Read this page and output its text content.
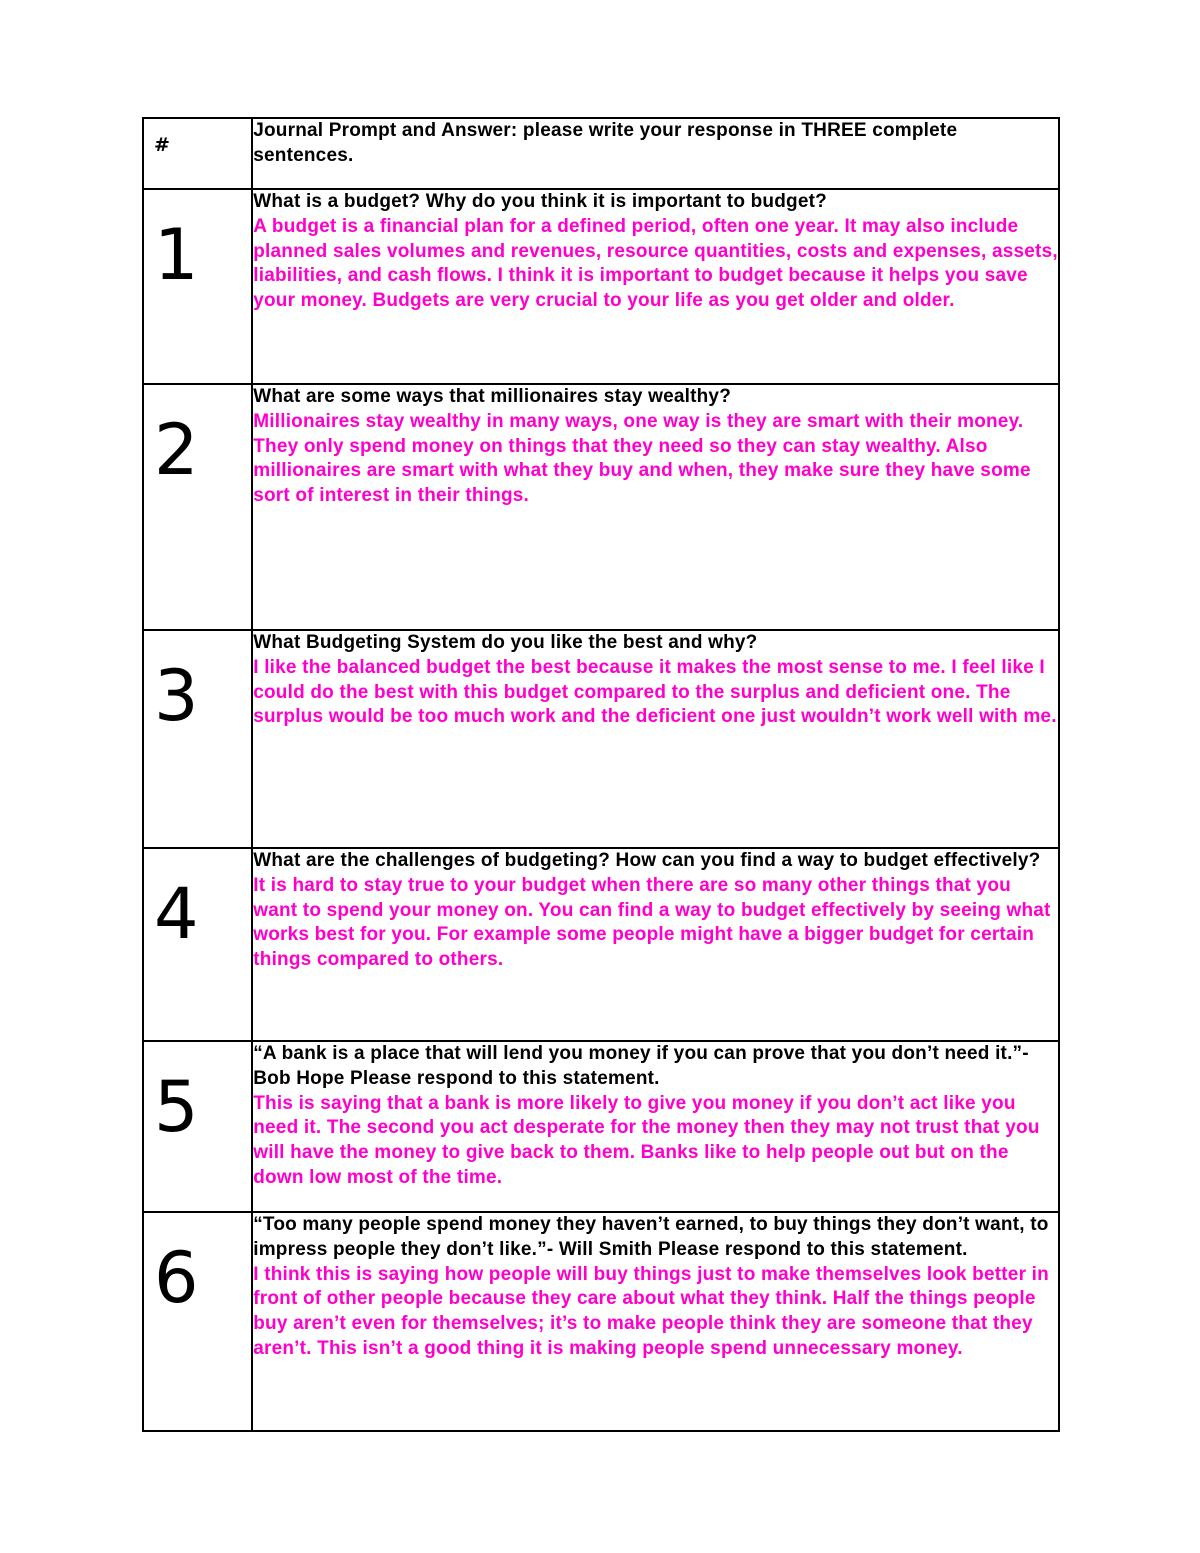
#	Journal Prompt and Answer: please write your response in THREE complete sentences.

1	What is a budget? Why do you think it is important to budget?
A budget is a financial plan for a defined period, often one year. It may also include planned sales volumes and revenues, resource quantities, costs and expenses, assets, liabilities, and cash flows. I think it is important to budget because it helps you save your money. Budgets are very crucial to your life as you get older and older.

2	What are some ways that millionaires stay wealthy?
Millionaires stay wealthy in many ways, one way is they are smart with their money. They only spend money on things that they need so they can stay wealthy. Also millionaires are smart with what they buy and when, they make sure they have some sort of interest in their things.

3	What Budgeting System do you like the best and why?
I like the balanced budget the best because it makes the most sense to me. I feel like I could do the best with this budget compared to the surplus and deficient one. The surplus would be too much work and the deficient one just wouldn’t work well with me.

4	What are the challenges of budgeting? How can you find a way to budget effectively?
It is hard to stay true to your budget when there are so many other things that you want to spend your money on. You can find a way to budget effectively by seeing what works best for you. For example some people might have a bigger budget for certain things compared to others.

5	“A bank is a place that will lend you money if you can prove that you don’t need it.”- Bob Hope Please respond to this statement.
This is saying that a bank is more likely to give you money if you don’t act like you need it. The second you act desperate for the money then they may not trust that you will have the money to give back to them. Banks like to help people out but on the down low most of the time.

6	“Too many people spend money they haven’t earned, to buy things they don’t want, to impress people they don’t like.”- Will Smith Please respond to this statement.
I think this is saying how people will buy things just to make themselves look better in front of other people because they care about what they think. Half the things people buy aren’t even for themselves; it’s to make people think they are someone that they aren’t. This isn’t a good thing it is making people spend unnecessary money.
